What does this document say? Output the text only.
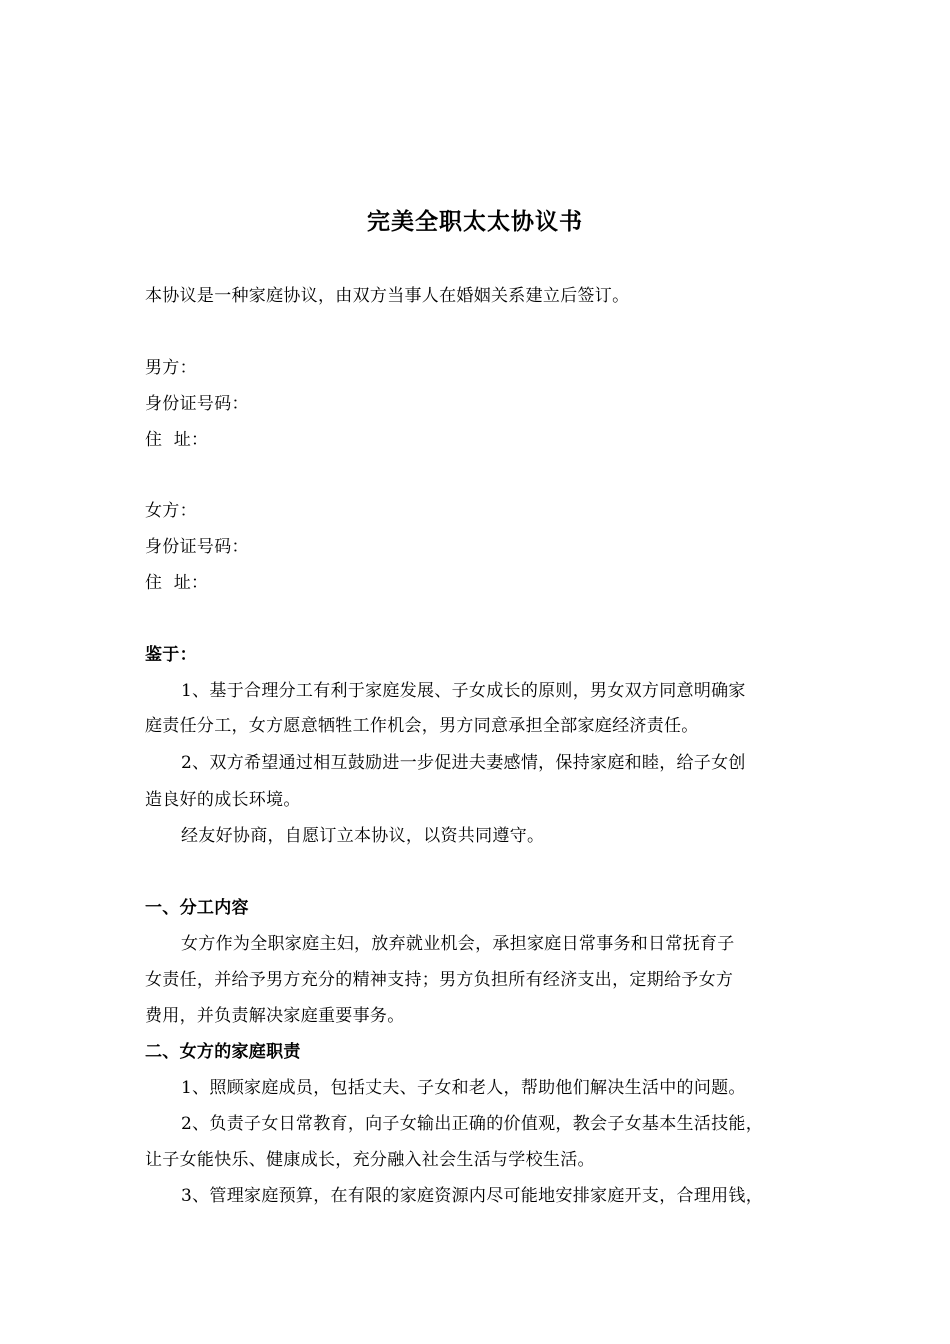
完美全职太太协议书
本协议是一种家庭协议，由双方当事人在婚姻关系建立后签订。
男方：
身份证号码：
住  址：
女方：
身份证号码：
住  址：
鉴于：
1、基于合理分工有利于家庭发展、子女成长的原则，男女双方同意明确家
庭责任分工，女方愿意牺牲工作机会，男方同意承担全部家庭经济责任。
2、双方希望通过相互鼓励进一步促进夫妻感情，保持家庭和睦，给子女创
造良好的成长环境。
经友好协商，自愿订立本协议，以资共同遵守。
一、分工内容
女方作为全职家庭主妇，放弃就业机会，承担家庭日常事务和日常抚育子
女责任，并给予男方充分的精神支持；男方负担所有经济支出，定期给予女方
费用，并负责解决家庭重要事务。
二、女方的家庭职责
1、照顾家庭成员，包括丈夫、子女和老人，帮助他们解决生活中的问题。
2、负责子女日常教育，向子女输出正确的价值观，教会子女基本生活技能，
让子女能快乐、健康成长，充分融入社会生活与学校生活。
3、管理家庭预算，在有限的家庭资源内尽可能地安排家庭开支，合理用钱，
